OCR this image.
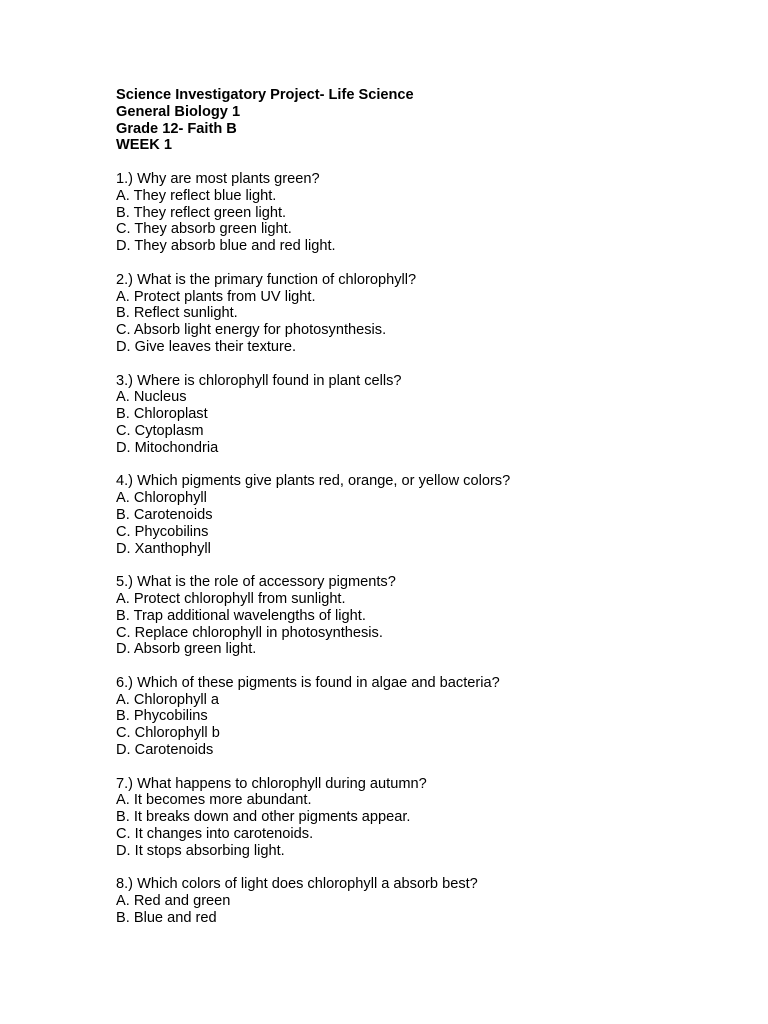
Science Investigatory Project- Life Science
General Biology 1
Grade 12- Faith B
WEEK 1
1.) Why are most plants green?
A. They reflect blue light.
B. They reflect green light.
C. They absorb green light.
D. They absorb blue and red light.
2.) What is the primary function of chlorophyll?
A. Protect plants from UV light.
B. Reflect sunlight.
C. Absorb light energy for photosynthesis.
D. Give leaves their texture.
3.) Where is chlorophyll found in plant cells?
A. Nucleus
B. Chloroplast
C. Cytoplasm
D. Mitochondria
4.) Which pigments give plants red, orange, or yellow colors?
A. Chlorophyll
B. Carotenoids
C. Phycobilins
D. Xanthophyll
5.) What is the role of accessory pigments?
A. Protect chlorophyll from sunlight.
B. Trap additional wavelengths of light.
C. Replace chlorophyll in photosynthesis.
D. Absorb green light.
6.) Which of these pigments is found in algae and bacteria?
A. Chlorophyll a
B. Phycobilins
C. Chlorophyll b
D. Carotenoids
7.) What happens to chlorophyll during autumn?
A. It becomes more abundant.
B. It breaks down and other pigments appear.
C. It changes into carotenoids.
D. It stops absorbing light.
8.) Which colors of light does chlorophyll a absorb best?
A. Red and green
B. Blue and red
